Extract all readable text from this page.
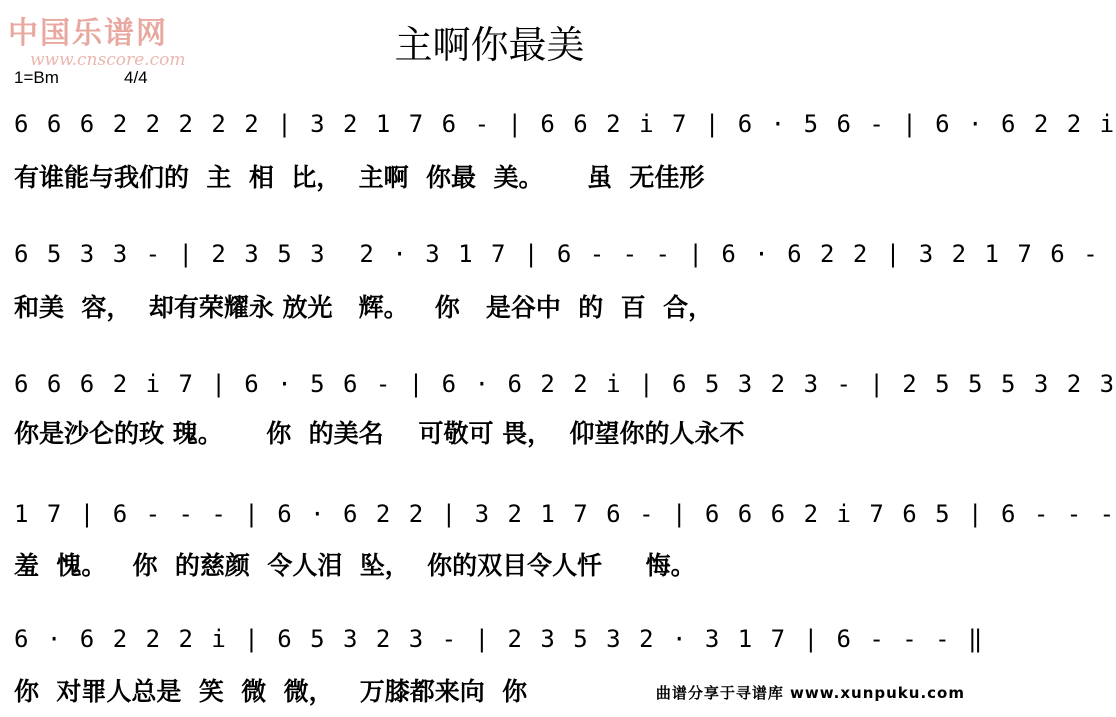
中国乐谱网
www.cnscore.com	主啊你最美
1=Bm	4/4
6 6 6 2 2 2 2 2 | 3 2 1 7 6 - | 6 6 2 i 7 | 6 · 5 6 - | 6 · 6 2 2 i
有谁能与我们的  主  相  比，  主啊  你最  美。     虽  无佳形
6 5 3 3 - | 2 3 5 3  2 · 3 1 7 | 6 - - - | 6 · 6 2 2 | 3 2 1 7 6 -
和美  容，  却有荣耀永 放光   辉。   你   是谷中  的  百  合，
6 6 6 2 i 7 | 6 · 5 6 - | 6 · 6 2 2 i | 6 5 3 2 3 - | 2 5 5 5 3 2 3
你是沙仑的玫 瑰。     你  的美名    可敬可 畏，  仰望你的人永不
1 7 | 6 - - - | 6 · 6 2 2 | 3 2 1 7 6 - | 6 6 6 2 i 7 6 5 | 6 - - -
羞  愧。   你  的慈颜  令人泪  坠，  你的双目令人忏     悔。
6 · 6 2 2 2 i | 6 5 3 2 3 - | 2 3 5 3 2 · 3 1 7 | 6 - - - ‖
你  对罪人总是  笑  微  微，   万膝都来向  你	曲谱分享于寻谱库 www.xunpuku.com
